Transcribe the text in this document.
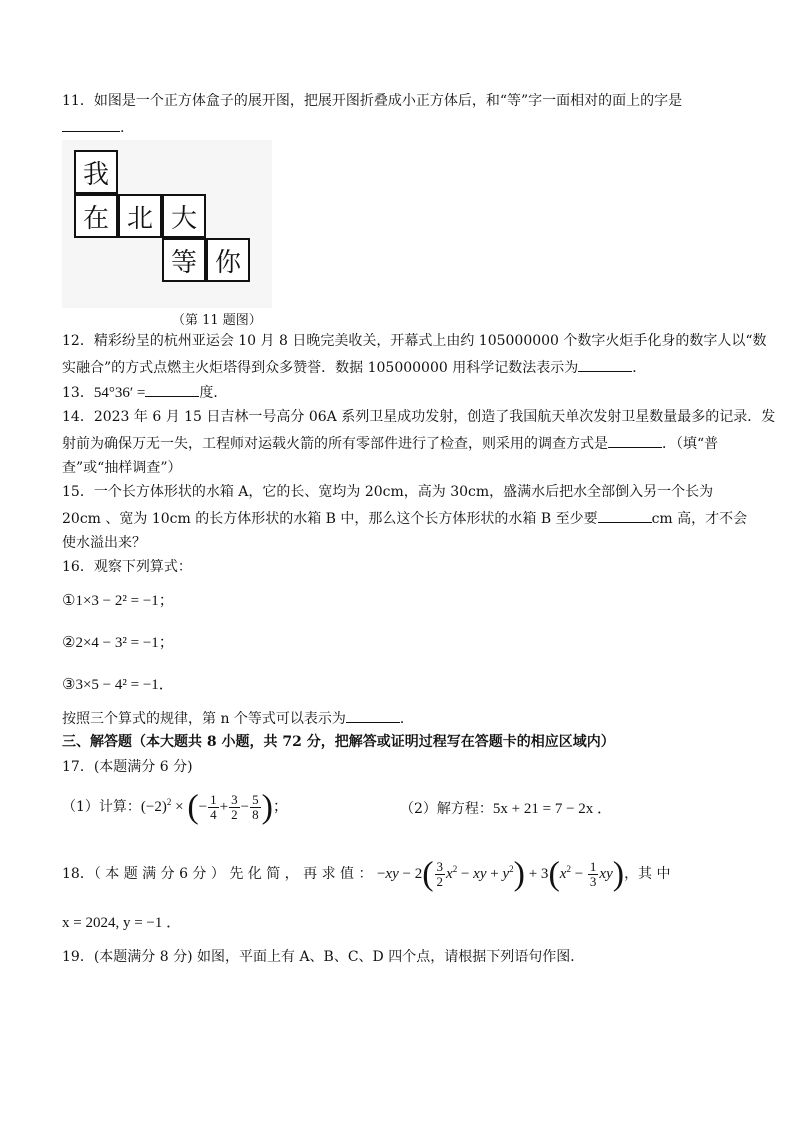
11．如图是一个正方体盒子的展开图，把展开图折叠成小正方体后，和“等”字一面相对的面上的字是
.
我
在 北 大
等 你
（第 11 题图）
12．精彩纷呈的杭州亚运会 10 月 8 日晚完美收关，开幕式上由约 105000000 个数字火炬手化身的数字人以“数
实融合”的方式点燃主火炬塔得到众多赞誉．数据 105000000 用科学记数法表示为	．
13．54°36′ =	度．
14．2023 年 6 月 15 日吉林一号高分 06A 系列卫星成功发射，创造了我国航天单次发射卫星数量最多的记录．发
射前为确保万无一失，工程师对运载火箭的所有零部件进行了检查，则采用的调查方式是	．（填“普
查”或“抽样调查”）
15．一个长方体形状的水箱 A，它的长、宽均为 20cm，高为 30cm，盛满水后把水全部倒入另一个长为
20cm 、宽为 10cm 的长方体形状的水箱 B 中，那么这个长方体形状的水箱 B 至少要	cm 高，才不会
使水溢出来？
16．观察下列算式：
①1×3 − 2² = −1；
②2×4 − 3² = −1；
③3×5 − 4² = −1．
按照三个算式的规律，第 n 个等式可以表示为	．
三、解答题（本大题共 8 小题，共 72 分，把解答或证明过程写在答题卡的相应区域内）
17．(本题满分 6 分)
（1）计算：$(-2)^2$ × (− $\frac{1}{4} + \frac{3}{2} - \frac{5}{8}$ )；	（2）解方程：5x + 21 = 7 − 2x ．
18．（ 本 题 满 分 6 分 ） 先 化 简 ， 再 求 值 ： $-xy - 2( \frac{3}{2} x^2$ − xy + $y^2) + 3(x^2 - \frac{1}{3} xy)$，其 中
x = 2024, y = −1 ．
19．(本题满分 8 分) 如图，平面上有 A、B、C、D 四个点，请根据下列语句作图．
